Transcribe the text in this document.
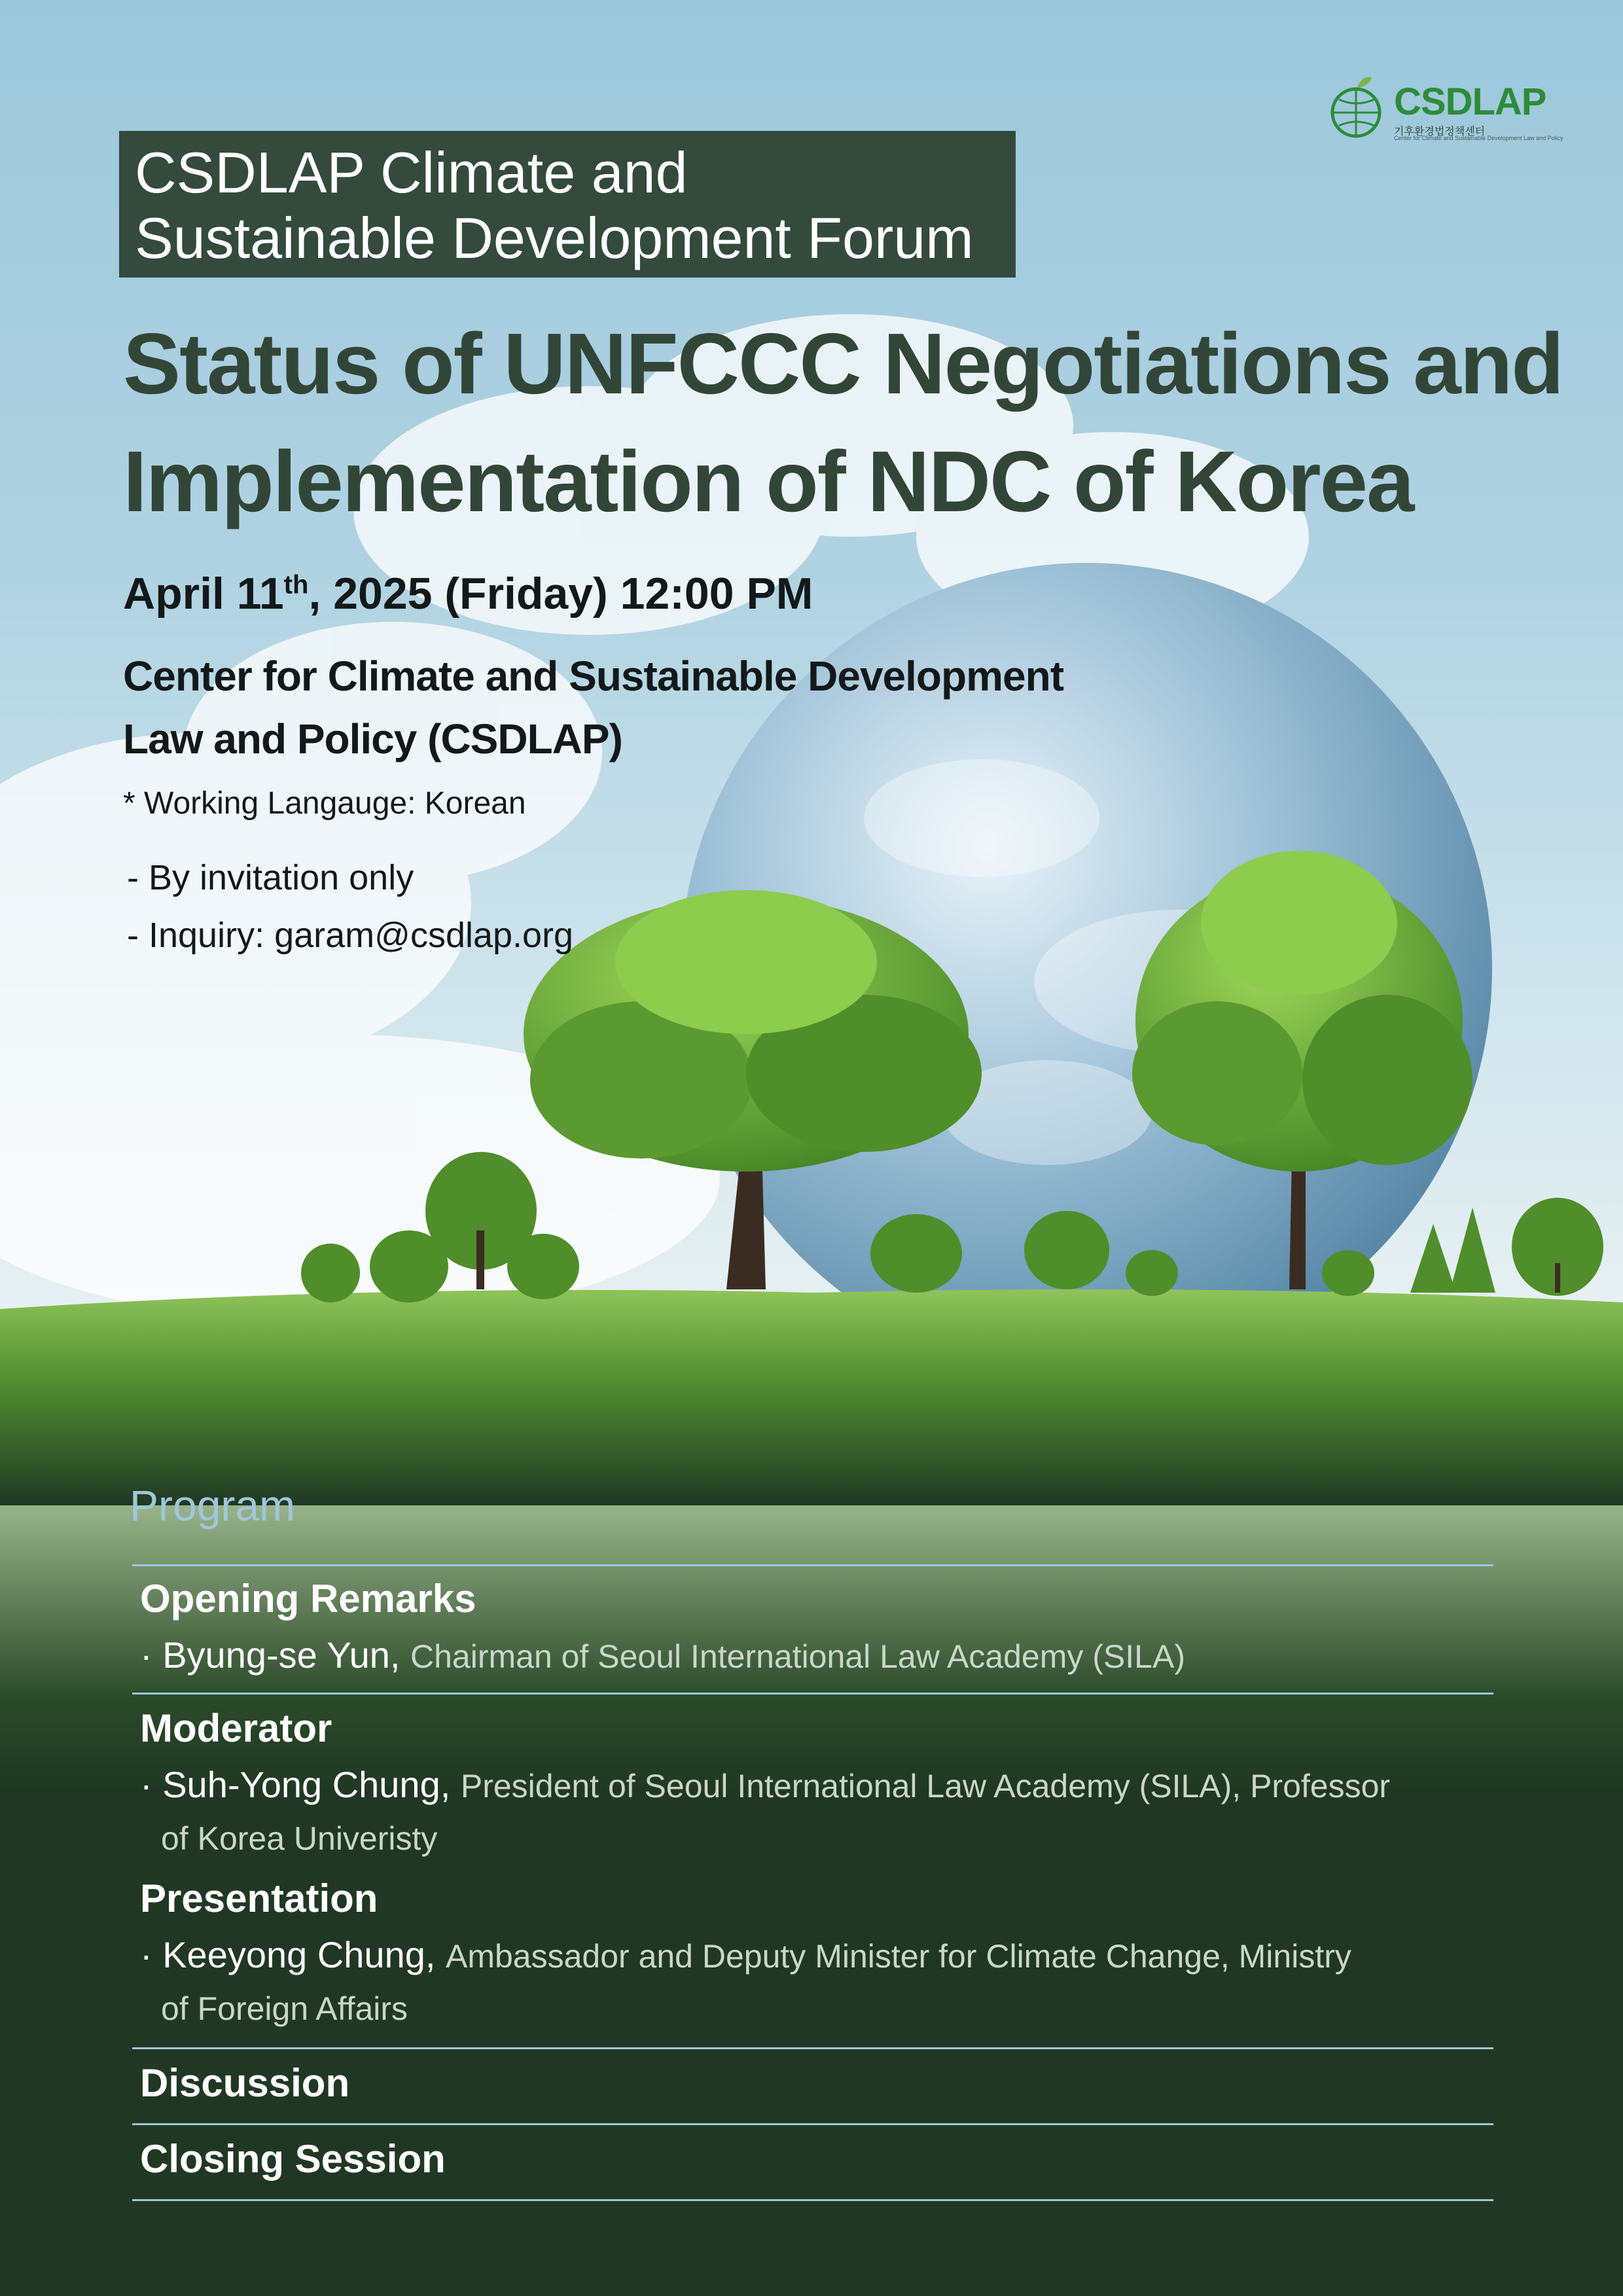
CSDLAP
기후환경법정책센터
Center for Climate and Sustainable Development Law and Policy
CSDLAP Climate and
Sustainable Development Forum
Status of UNFCCC Negotiations and
Implementation of NDC of Korea
April 11th, 2025 (Friday) 12:00 PM
Center for Climate and Sustainable Development
Law and Policy (CSDLAP)
* Working Langauge: Korean
- By invitation only
- Inquiry: garam@csdlap.org
Program
Opening Remarks
· Byung-se Yun, Chairman of Seoul International Law Academy (SILA)
Moderator
· Suh-Yong Chung, President of Seoul International Law Academy (SILA), Professor
of Korea Univeristy
Presentation
· Keeyong Chung, Ambassador and Deputy Minister for Climate Change, Ministry
of Foreign Affairs
Discussion
Closing Session
